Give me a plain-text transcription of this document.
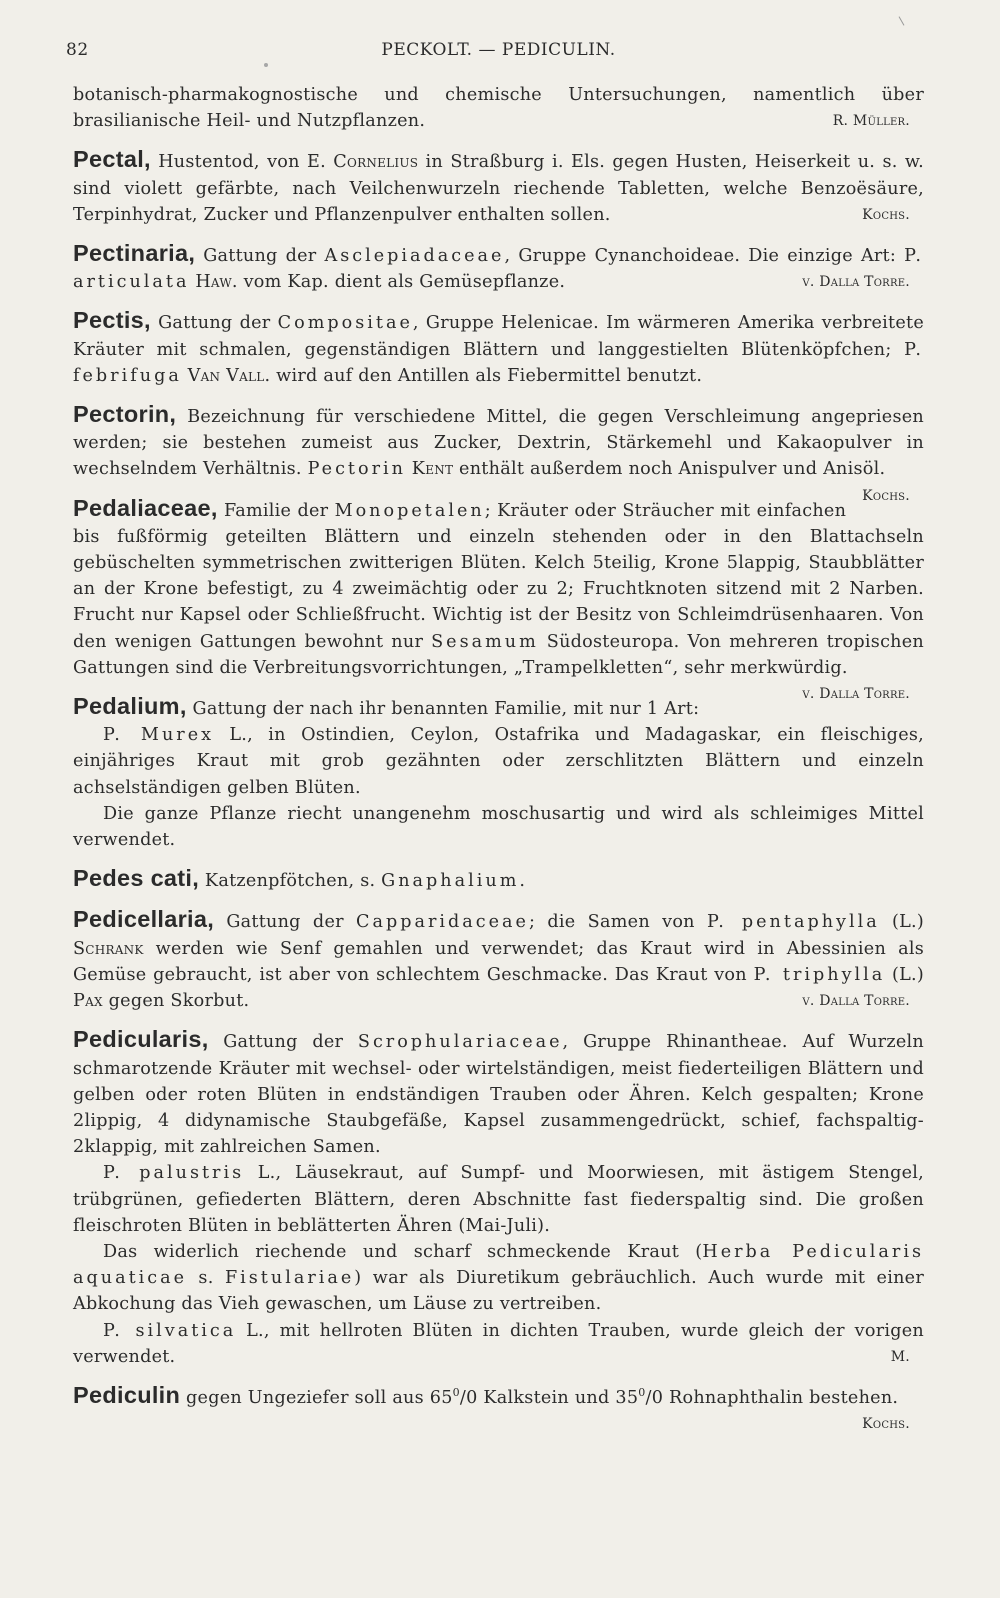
82	PECKOLT. — PEDICULIN.

botanisch-pharmakognostische und chemische Untersuchungen, namentlich über brasilianische Heil- und Nutzpflanzen.	R. Müller.

Pectal, Hustentod, von E. Cornelius in Straßburg i. Els. gegen Husten, Heiserkeit u. s. w. sind violett gefärbte, nach Veilchenwurzeln riechende Tabletten, welche Benzoësäure, Terpinhydrat, Zucker und Pflanzenpulver enthalten sollen.	Kochs.

Pectinaria, Gattung der Asclepiadaceae, Gruppe Cynanchoideae. Die einzige Art: P. articulata Haw. vom Kap. dient als Gemüsepflanze.	v. Dalla Torre.

Pectis, Gattung der Compositae, Gruppe Helenicae. Im wärmeren Amerika verbreitete Kräuter mit schmalen, gegenständigen Blättern und langgestielten Blütenköpfchen; P. febrifuga Van Vall. wird auf den Antillen als Fiebermittel benutzt.

Pectorin, Bezeichnung für verschiedene Mittel, die gegen Verschleimung angepriesen werden; sie bestehen zumeist aus Zucker, Dextrin, Stärkemehl und Kakaopulver in wechselndem Verhältnis. Pectorin Kent enthält außerdem noch Anispulver und Anisöl.
Kochs.

Pedaliaceae, Familie der Monopetalen; Kräuter oder Sträucher mit einfachen bis fußförmig geteilten Blättern und einzeln stehenden oder in den Blattachseln gebüschelten symmetrischen zwitterigen Blüten. Kelch 5teilig, Krone 5lappig, Staubblätter an der Krone befestigt, zu 4 zweimächtig oder zu 2; Fruchtknoten sitzend mit 2 Narben. Frucht nur Kapsel oder Schließfrucht. Wichtig ist der Besitz von Schleimdrüsenhaaren. Von den wenigen Gattungen bewohnt nur Sesamum Südosteuropa. Von mehreren tropischen Gattungen sind die Verbreitungsvorrichtungen, „Trampelkletten“, sehr merkwürdig.
v. Dalla Torre.

Pedalium, Gattung der nach ihr benannten Familie, mit nur 1 Art:

P. Murex L., in Ostindien, Ceylon, Ostafrika und Madagaskar, ein fleischiges, einjähriges Kraut mit grob gezähnten oder zerschlitzten Blättern und einzeln achselständigen gelben Blüten.

Die ganze Pflanze riecht unangenehm moschusartig und wird als schleimiges Mittel verwendet.

Pedes cati, Katzenpfötchen, s. Gnaphalium.

Pedicellaria, Gattung der Capparidaceae; die Samen von P. pentaphylla (L.) Schrank werden wie Senf gemahlen und verwendet; das Kraut wird in Abessinien als Gemüse gebraucht, ist aber von schlechtem Geschmacke. Das Kraut von P. triphylla (L.) Pax gegen Skorbut.	v. Dalla Torre.

Pedicularis, Gattung der Scrophulariaceae, Gruppe Rhinantheae. Auf Wurzeln schmarotzende Kräuter mit wechsel- oder wirtelständigen, meist fiederteiligen Blättern und gelben oder roten Blüten in endständigen Trauben oder Ähren. Kelch gespalten; Krone 2lippig, 4 didynamische Staubgefäße, Kapsel zusammengedrückt, schief, fachspaltig-2klappig, mit zahlreichen Samen.

P. palustris L., Läusekraut, auf Sumpf- und Moorwiesen, mit ästigem Stengel, trübgrünen, gefiederten Blättern, deren Abschnitte fast fiederspaltig sind. Die großen fleischroten Blüten in beblätterten Ähren (Mai-Juli).

Das widerlich riechende und scharf schmeckende Kraut (Herba Pedicularis aquaticae s. Fistulariae) war als Diuretikum gebräuchlich. Auch wurde mit einer Abkochung das Vieh gewaschen, um Läuse zu vertreiben.

P. silvatica L., mit hellroten Blüten in dichten Trauben, wurde gleich der vorigen verwendet.	M.

Pediculin gegen Ungeziefer soll aus $65^0/0$ Kalkstein und $35^0/0$ Rohnaphthalin bestehen.
Kochs.
